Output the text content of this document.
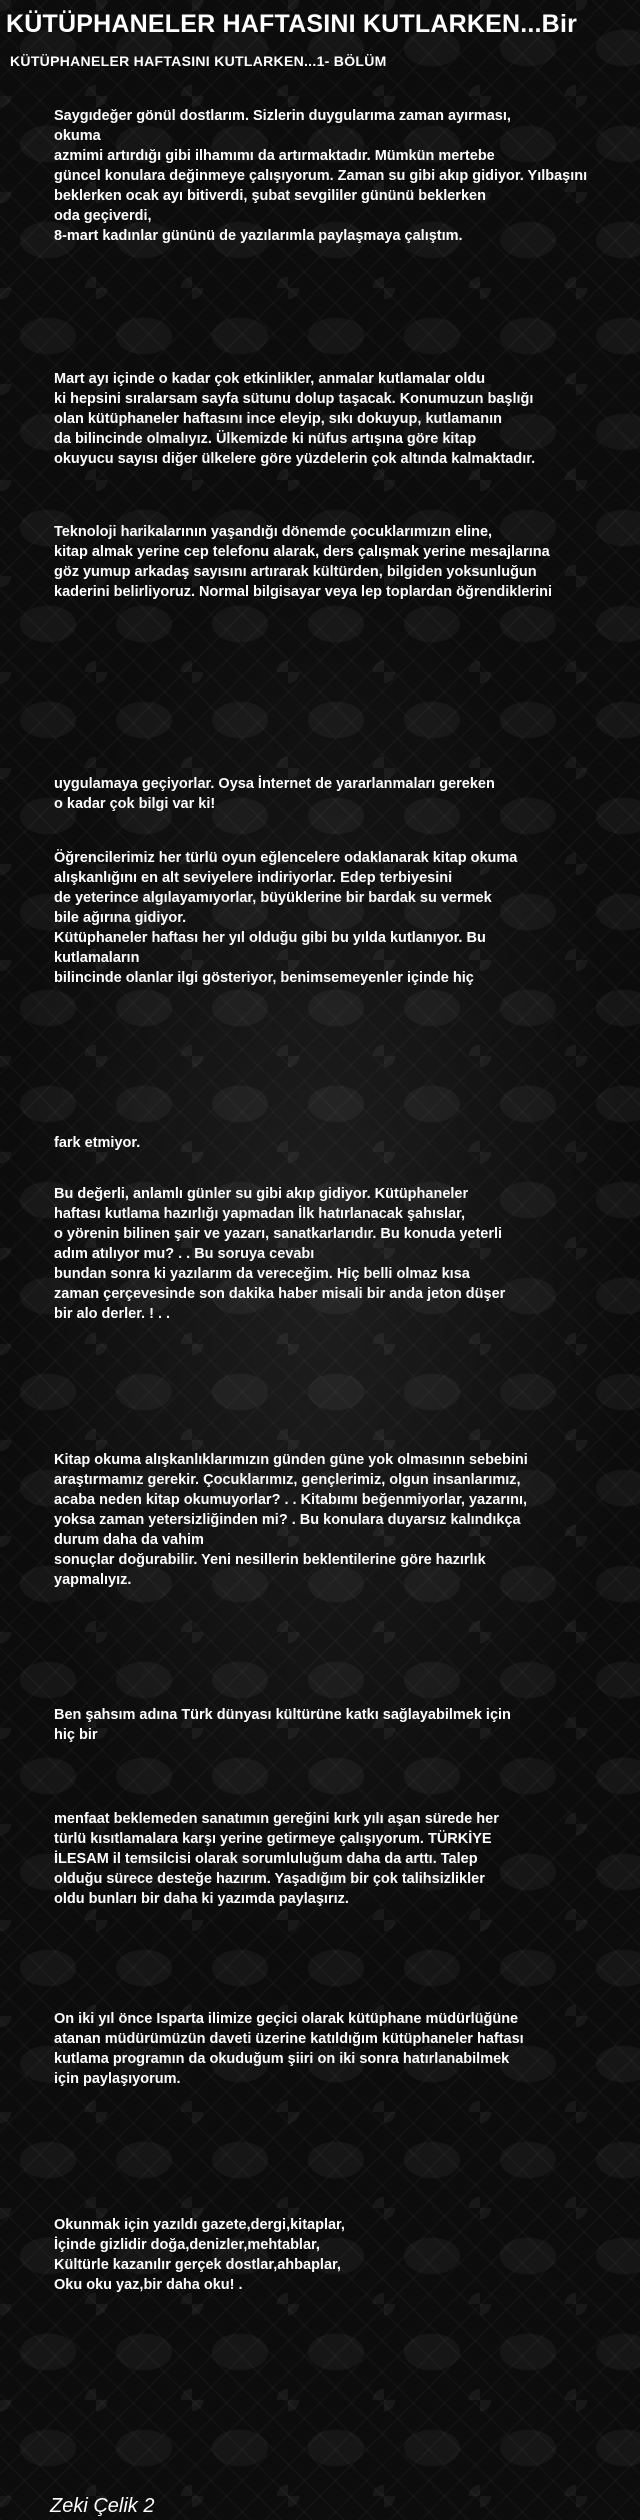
KÜTÜPHANELER HAFTASINI KUTLARKEN...Bir
KÜTÜPHANELER HAFTASINI KUTLARKEN...1- BÖLÜM
Saygıdeğer gönül dostlarım. Sizlerin duygularıma zaman ayırması,
okuma
azmimi artırdığı gibi ilhamımı da artırmaktadır. Mümkün mertebe
güncel konulara değinmeye çalışıyorum. Zaman su gibi akıp gidiyor. Yılbaşını
beklerken ocak ayı bitiverdi, şubat sevgililer gününü beklerken
oda geçiverdi,
8-mart kadınlar gününü de yazılarımla paylaşmaya çalıştım.
Mart ayı içinde o kadar çok etkinlikler, anmalar kutlamalar oldu
ki hepsini sıralarsam sayfa sütunu dolup taşacak. Konumuzun başlığı
olan kütüphaneler haftasını ince eleyip, sıkı dokuyup, kutlamanın
da bilincinde olmalıyız. Ülkemizde ki nüfus artışına göre kitap
okuyucu sayısı diğer ülkelere göre yüzdelerin çok altında kalmaktadır.
Teknoloji harikalarının yaşandığı dönemde çocuklarımızın eline,
kitap almak yerine cep telefonu alarak, ders çalışmak yerine mesajlarına
göz yumup arkadaş sayısını artırarak kültürden, bilgiden yoksunluğun
kaderini belirliyoruz. Normal bilgisayar veya lep toplardan öğrendiklerini
uygulamaya geçiyorlar. Oysa İnternet de yararlanmaları gereken
o kadar çok bilgi var ki!
Öğrencilerimiz her türlü oyun eğlencelere odaklanarak kitap okuma
alışkanlığını en alt seviyelere indiriyorlar. Edep terbiyesini
de yeterince algılayamıyorlar, büyüklerine bir bardak su vermek
bile ağırına gidiyor.
Kütüphaneler haftası her yıl olduğu gibi bu yılda kutlanıyor. Bu
kutlamaların
bilincinde olanlar ilgi gösteriyor, benimsemeyenler içinde hiç
fark etmiyor.
Bu değerli, anlamlı günler su gibi akıp gidiyor. Kütüphaneler
haftası kutlama hazırlığı yapmadan İlk hatırlanacak şahıslar,
o yörenin bilinen şair ve yazarı, sanatkarlarıdır. Bu konuda yeterli
adım atılıyor mu? . . Bu soruya cevabı
bundan sonra ki yazılarım da vereceğim. Hiç belli olmaz kısa
zaman çerçevesinde son dakika haber misali bir anda jeton düşer
bir alo derler. ! . .
Kitap okuma alışkanlıklarımızın günden güne yok olmasının sebebini
araştırmamız gerekir. Çocuklarımız, gençlerimiz, olgun insanlarımız,
acaba neden kitap okumuyorlar? . . Kitabımı beğenmiyorlar, yazarını,
yoksa zaman yetersizliğinden mi? . Bu konulara duyarsız kalındıkça
durum daha da vahim
sonuçlar doğurabilir. Yeni nesillerin beklentilerine göre hazırlık
yapmalıyız.
Ben şahsım adına Türk dünyası kültürüne katkı sağlayabilmek için
hiç bir
menfaat beklemeden sanatımın gereğini kırk yılı aşan sürede her
türlü kısıtlamalara karşı yerine getirmeye çalışıyorum. TÜRKİYE
İLESAM il temsilcisi olarak sorumluluğum daha da arttı. Talep
olduğu sürece desteğe hazırım. Yaşadığım bir çok talihsizlikler
oldu bunları bir daha ki yazımda paylaşırız.
On iki yıl önce Isparta ilimize geçici olarak kütüphane müdürlüğüne
atanan müdürümüzün daveti üzerine katıldığım kütüphaneler haftası
kutlama programın da okuduğum şiiri on iki sonra hatırlanabilmek
için paylaşıyorum.
Okunmak için yazıldı gazete,dergi,kitaplar,
İçinde gizlidir doğa,denizler,mehtablar,
Kültürle kazanılır gerçek dostlar,ahbaplar,
Oku oku yaz,bir daha oku! .

Zeki Çelik 2
